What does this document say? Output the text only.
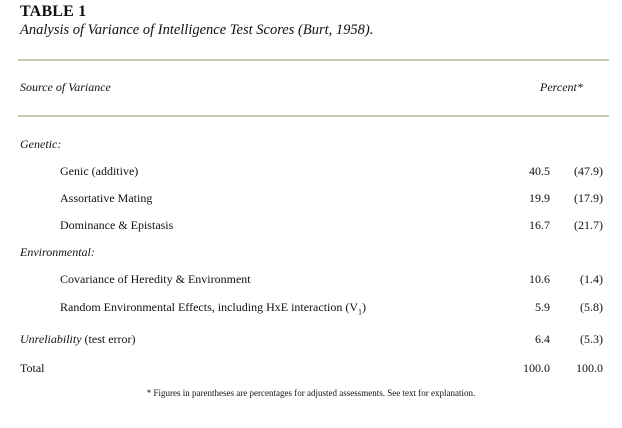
TABLE 1
Analysis of Variance of Intelligence Test Scores (Burt, 1958).
Source of Variance	Percent*
Genetic:
Genic (additive)	40.5	(47.9)
Assortative Mating	19.9	(17.9)
Dominance & Epistasis	16.7	(21.7)
Environmental:
Covariance of Heredity & Environment	10.6	(1.4)
Random Environmental Effects, including HxE interaction $(V_1)$	5.9	(5.8)
Unreliability (test error)	6.4	(5.3)
Total	100.0	100.0
* Figures in parentheses are percentages for adjusted assessments. See text for explanation.
